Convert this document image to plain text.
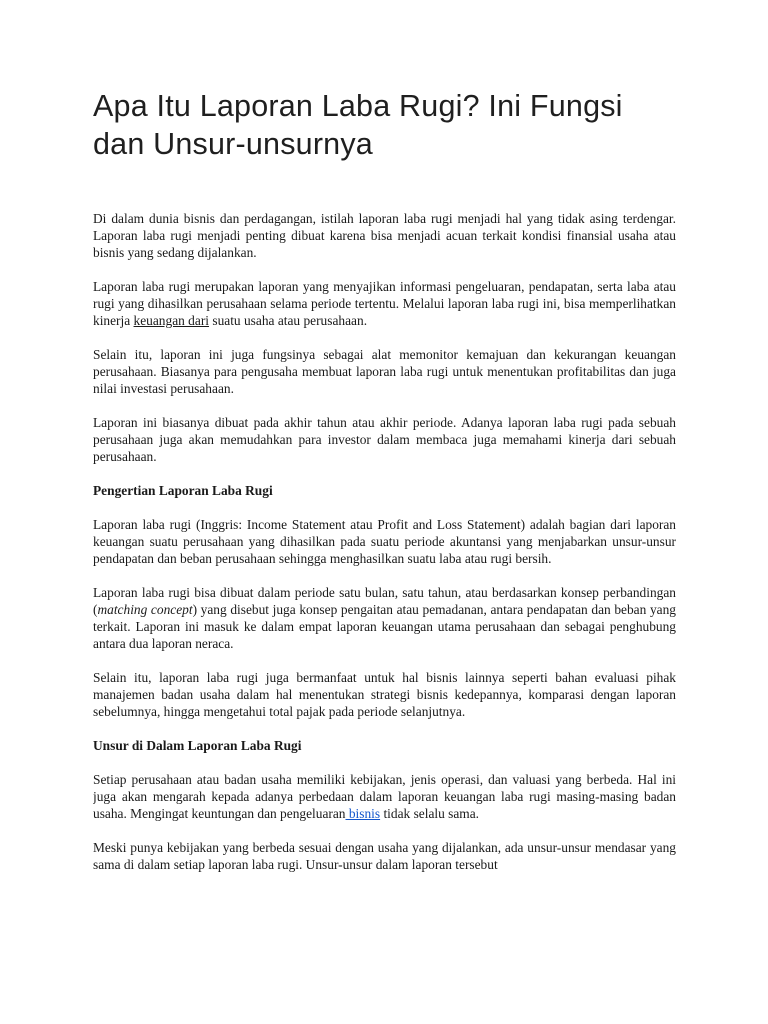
Apa Itu Laporan Laba Rugi? Ini Fungsi dan Unsur-unsurnya

Di dalam dunia bisnis dan perdagangan, istilah laporan laba rugi menjadi hal yang tidak asing terdengar. Laporan laba rugi menjadi penting dibuat karena bisa menjadi acuan terkait kondisi finansial usaha atau bisnis yang sedang dijalankan.

Laporan laba rugi merupakan laporan yang menyajikan informasi pengeluaran, pendapatan, serta laba atau rugi yang dihasilkan perusahaan selama periode tertentu. Melalui laporan laba rugi ini, bisa memperlihatkan kinerja keuangan dari suatu usaha atau perusahaan.

Selain itu, laporan ini juga fungsinya sebagai alat memonitor kemajuan dan kekurangan keuangan perusahaan. Biasanya para pengusaha membuat laporan laba rugi untuk menentukan profitabilitas dan juga nilai investasi perusahaan.

Laporan ini biasanya dibuat pada akhir tahun atau akhir periode. Adanya laporan laba rugi pada sebuah perusahaan juga akan memudahkan para investor dalam membaca juga memahami kinerja dari sebuah perusahaan.

Pengertian Laporan Laba Rugi

Laporan laba rugi (Inggris: Income Statement atau Profit and Loss Statement) adalah bagian dari laporan keuangan suatu perusahaan yang dihasilkan pada suatu periode akuntansi yang menjabarkan unsur-unsur pendapatan dan beban perusahaan sehingga menghasilkan suatu laba atau rugi bersih.

Laporan laba rugi bisa dibuat dalam periode satu bulan, satu tahun, atau berdasarkan konsep perbandingan (matching concept) yang disebut juga konsep pengaitan atau pemadanan, antara pendapatan dan beban yang terkait. Laporan ini masuk ke dalam empat laporan keuangan utama perusahaan dan sebagai penghubung antara dua laporan neraca.

Selain itu, laporan laba rugi juga bermanfaat untuk hal bisnis lainnya seperti bahan evaluasi pihak manajemen badan usaha dalam hal menentukan strategi bisnis kedepannya, komparasi dengan laporan sebelumnya, hingga mengetahui total pajak pada periode selanjutnya.

Unsur di Dalam Laporan Laba Rugi

Setiap perusahaan atau badan usaha memiliki kebijakan, jenis operasi, dan valuasi yang berbeda. Hal ini juga akan mengarah kepada adanya perbedaan dalam laporan keuangan laba rugi masing-masing badan usaha. Mengingat keuntungan dan pengeluaran bisnis tidak selalu sama.

Meski punya kebijakan yang berbeda sesuai dengan usaha yang dijalankan, ada unsur-unsur mendasar yang sama di dalam setiap laporan laba rugi. Unsur-unsur dalam laporan tersebut
